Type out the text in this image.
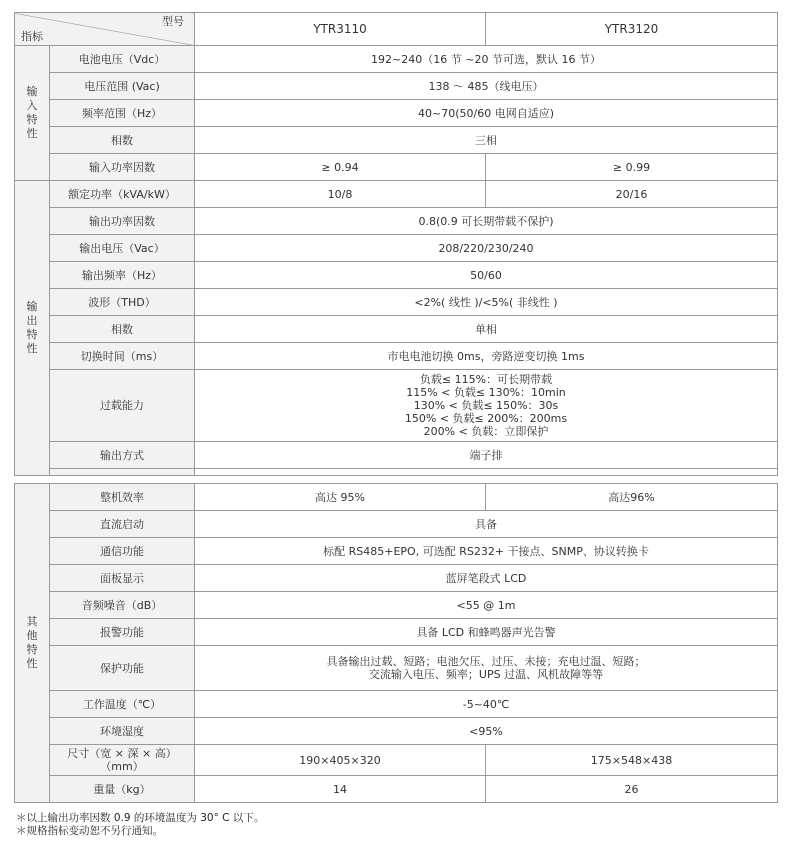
型号
指标		YTR3110	YTR3120
输入特性	电池电压（Vdc）	192~240（16 节 ~20 节可选，默认 16 节）	
	电压范围 (Vac)	138 ～ 485（线电压）	
	频率范围（Hz）	40~70(50/60 电网自适应)	
	相数	三相	
	输入功率因数	≥ 0.94	≥ 0.99
输出特性	额定功率（kVA/kW）	10/8	20/16
	输出功率因数	0.8(0.9 可长期带载不保护)	
	输出电压（Vac）	208/220/230/240	
	输出频率（Hz）	50/60	
	波形（THD）	<2%( 线性 )/<5%( 非线性 )	
	相数	单相	
	切换时间（ms）	市电电池切换 0ms，旁路逆变切换 1ms	
	过载能力	负载≤ 115%：可长期带载
115% < 负载≤ 130%：10min
130% < 负载≤ 150%：30s
150% < 负载≤ 200%：200ms
200% < 负载：立即保护	

	输出方式	端子排	

其他特性	整机效率	高达 95%	高达96%
	直流启动	具备	
	通信功能	标配 RS485+EPO, 可选配 RS232+ 干接点、SNMP、协议转换卡	
	面板显示	蓝屏笔段式 LCD	
	音频噪音（dB）	<55 @ 1m	
	报警功能	具备 LCD 和蜂鸣器声光告警	
	保护功能	具备输出过载、短路；电池欠压、过压、未接；充电过温、短路；
交流输入电压、频率；UPS 过温、风机故障等等	

	工作温度（℃）	-5~40℃	
	环境湿度	<95%	

	尺寸（宽 × 深 × 高）
（mm）	190×405×320	175×548×438
	重量（kg）	14	26
＊以上输出功率因数 0.9 的环境温度为 30° C 以下。
＊规格指标变动恕不另行通知。
